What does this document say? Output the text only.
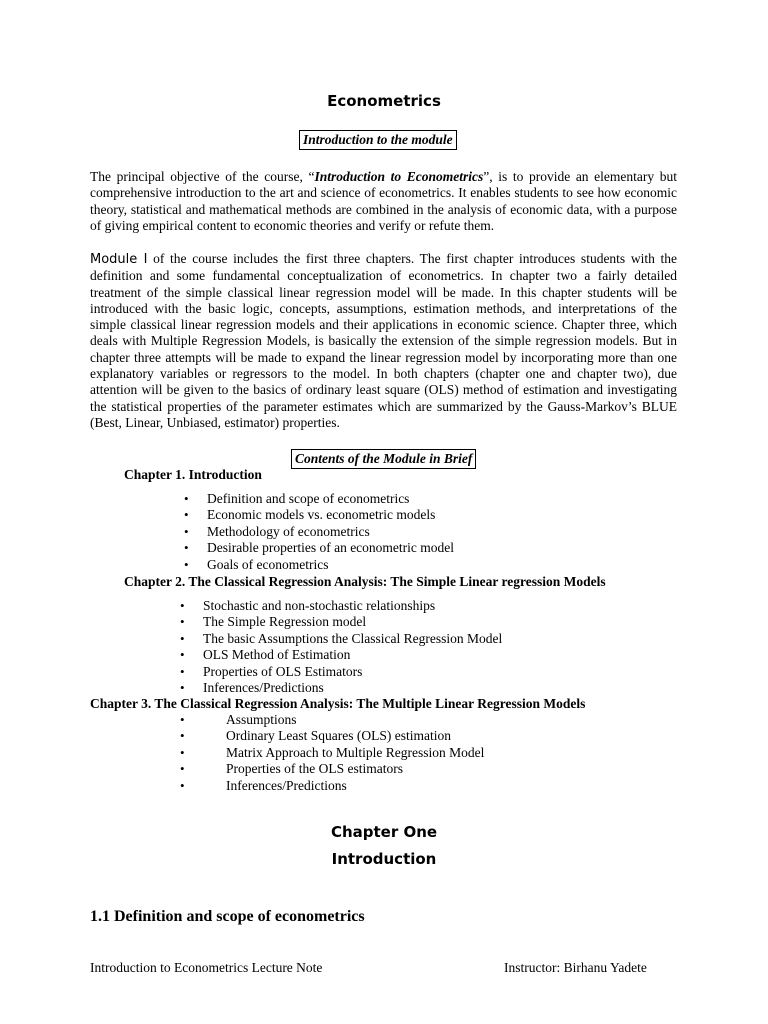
Econometrics
Introduction to the module

The principal objective of the course, “Introduction to Econometrics”, is to provide an elementary but comprehensive introduction to the art and science of econometrics. It enables students to see how economic theory, statistical and mathematical methods are combined in the analysis of economic data, with a purpose of giving empirical content to economic theories and verify or refute them.

Module I of the course includes the first three chapters. The first chapter introduces students with the definition and some fundamental conceptualization of econometrics. In chapter two a fairly detailed treatment of the simple classical linear regression model will be made. In this chapter students will be introduced with the basic logic, concepts, assumptions, estimation methods, and interpretations of the simple classical linear regression models and their applications in economic science. Chapter three, which deals with Multiple Regression Models, is basically the extension of the simple regression models. But in chapter three attempts will be made to expand the linear regression model by incorporating more than one explanatory variables or regressors to the model. In both chapters (chapter one and chapter two), due attention will be given to the basics of ordinary least square (OLS) method of estimation and investigating the statistical properties of the parameter estimates which are summarized by the Gauss-Markov’s BLUE (Best, Linear, Unbiased, estimator) properties.

Contents of the Module in Brief
Chapter 1. Introduction
• Definition and scope of econometrics
• Economic models vs. econometric models
• Methodology of econometrics
• Desirable properties of an econometric model
• Goals of econometrics
Chapter 2. The Classical Regression Analysis: The Simple Linear regression Models
• Stochastic and non-stochastic relationships
• The Simple Regression model
• The basic Assumptions the Classical Regression Model
• OLS Method of Estimation
• Properties of OLS Estimators
• Inferences/Predictions
Chapter 3. The Classical Regression Analysis: The Multiple Linear Regression Models
•	Assumptions
•	Ordinary Least Squares (OLS) estimation
•	Matrix Approach to Multiple Regression Model
•	Properties of the OLS estimators
•	Inferences/Predictions
Chapter One
Introduction
1.1 Definition and scope of econometrics
Introduction to Econometrics Lecture Note	Instructor: Birhanu Yadete
